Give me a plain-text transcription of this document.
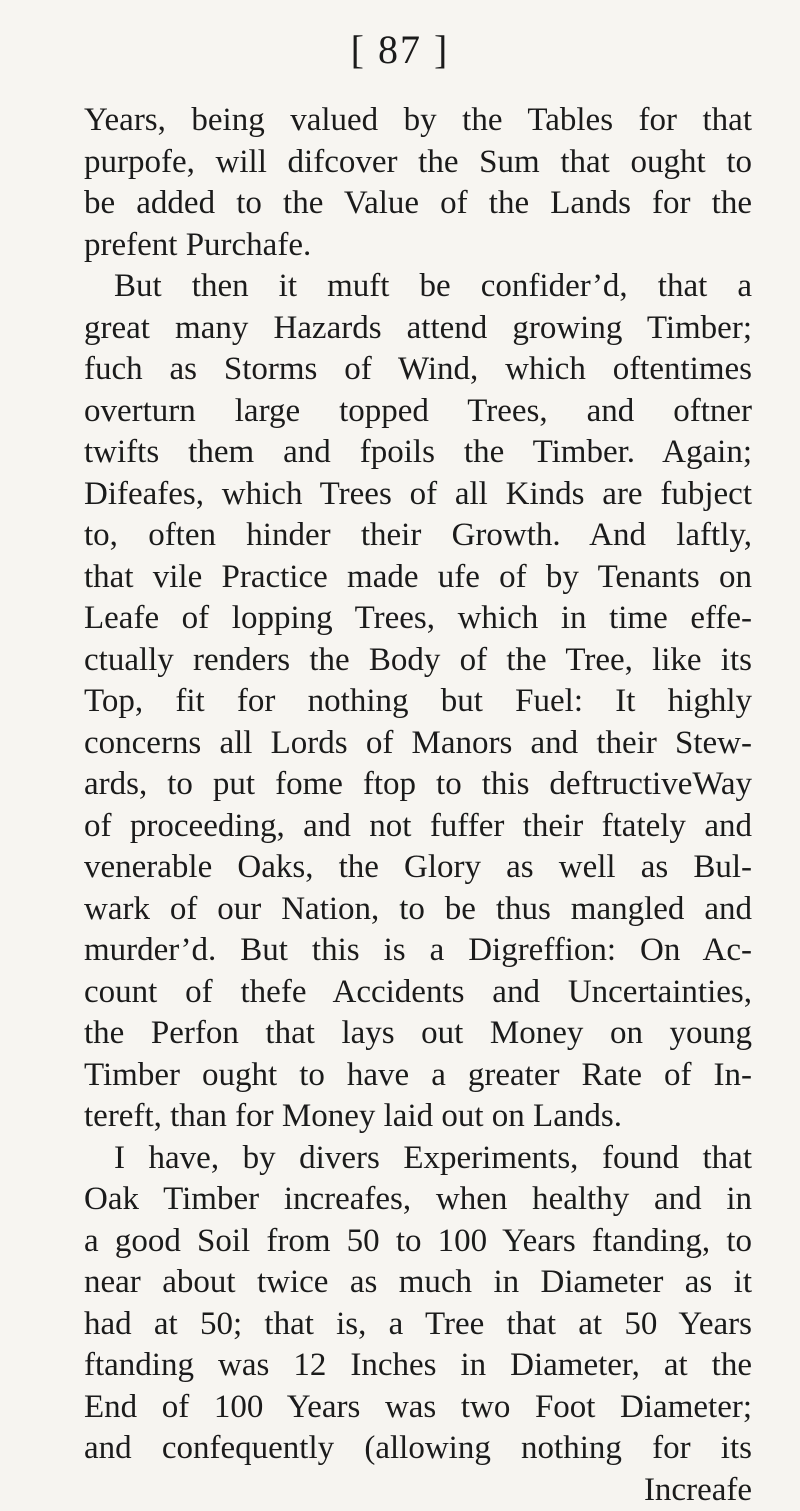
[ 87 ]
Years, being valued by the Tables for that
purpofe, will difcover the Sum that ought to
be added to the Value of the Lands for the
prefent Purchafe.
But then it muft be confider’d, that a
great many Hazards attend growing Timber;
fuch as Storms of Wind, which oftentimes
overturn large topped Trees, and oftner
twifts them and fpoils the Timber. Again;
Difeafes, which Trees of all Kinds are fubject
to, often hinder their Growth. And laftly,
that vile Practice made ufe of by Tenants on
Leafe of lopping Trees, which in time effe-
ctually renders the Body of the Tree, like its
Top, fit for nothing but Fuel: It highly
concerns all Lords of Manors and their Stew-
ards, to put fome ftop to this deftructiveWay
of proceeding, and not fuffer their ftately and
venerable Oaks, the Glory as well as Bul-
wark of our Nation, to be thus mangled and
murder’d. But this is a Digreffion: On Ac-
count of thefe Accidents and Uncertainties,
the Perfon that lays out Money on young
Timber ought to have a greater Rate of In-
tereft, than for Money laid out on Lands.
I have, by divers Experiments, found that
Oak Timber increafes, when healthy and in
a good Soil from 50 to 100 Years ftanding, to
near about twice as much in Diameter as it
had at 50; that is, a Tree that at 50 Years
ftanding was 12 Inches in Diameter, at the
End of 100 Years was two Foot Diameter;
and confequently (allowing nothing for its
Increafe
